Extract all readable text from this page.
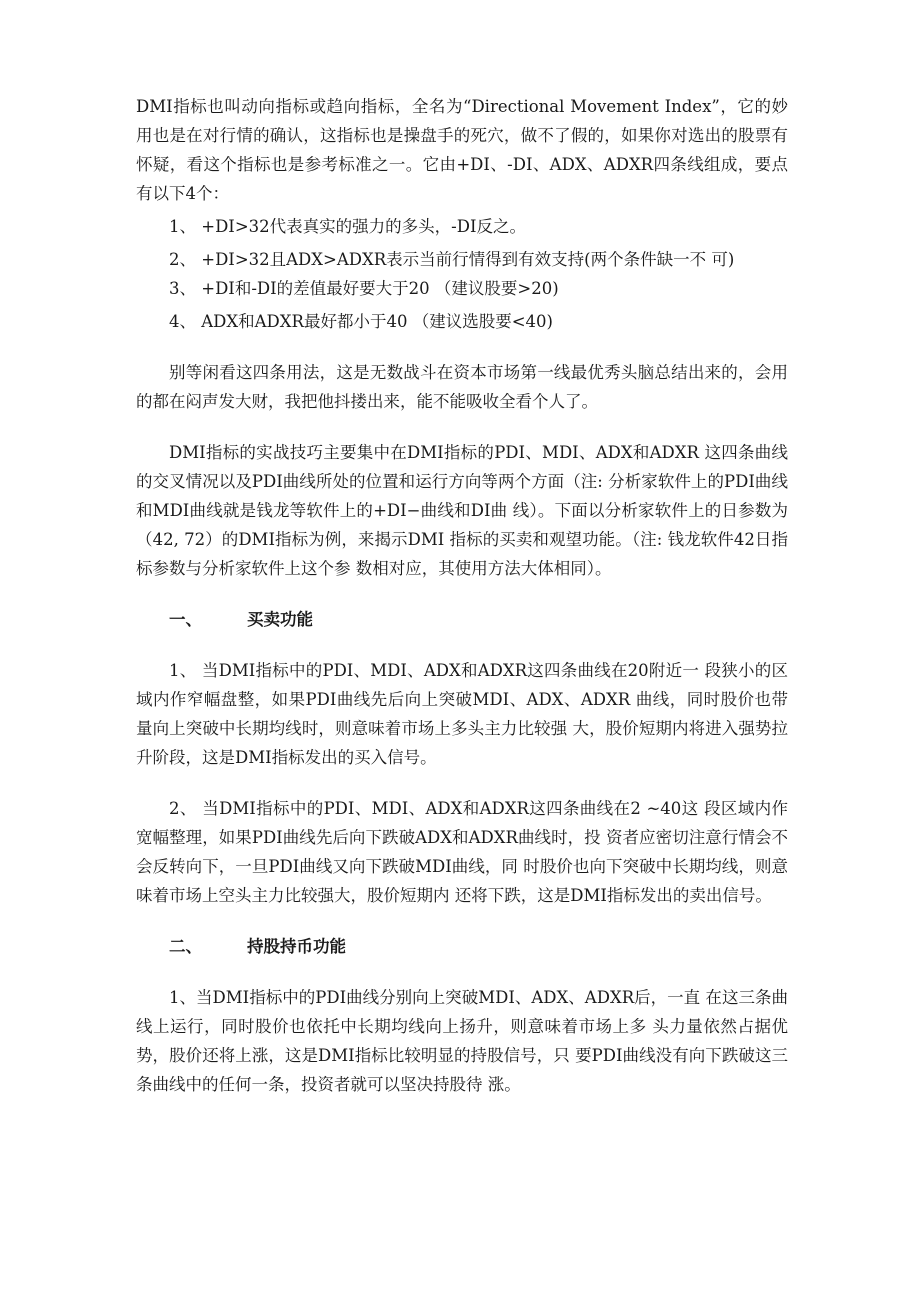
DMI指标也叫动向指标或趋向指标，全名为“Directional Movement Index”，它的妙用也是在对行情的确认，这指标也是操盘手的死穴，做不了假的，如果你对选出的股票有怀疑，看这个指标也是参考标准之一。它由+DI、-DI、ADX、ADXR四条线组成，要点有以下4个：

1、 +DI>32代表真实的强力的多头，-DI反之。

2、 +DI>32且ADX>ADXR表示当前行情得到有效支持(两个条件缺一不 可)

3、 +DI和-DI的差值最好要大于20 （建议股要>20)

4、 ADX和ADXR最好都小于40 （建议选股要<40)

别等闲看这四条用法，这是无数战斗在资本市场第一线最优秀头脑总结出来的，会用的都在闷声发大财，我把他抖搂出来，能不能吸收全看个人了。

DMI指标的实战技巧主要集中在DMI指标的PDI、MDI、ADX和ADXR 这四条曲线的交叉情况以及PDI曲线所处的位置和运行方向等两个方面（注: 分析家软件上的PDI曲线和MDI曲线就是钱龙等软件上的+DI−曲线和DI曲 线）。下面以分析家软件上的日参数为（42, 72）的DMI指标为例，来揭示DMI 指标的买卖和观望功能。（注: 钱龙软件42日指标参数与分析家软件上这个参 数相对应，其使用方法大体相同）。

一、	买卖功能

1、 当DMI指标中的PDI、MDI、ADX和ADXR这四条曲线在20附近一 段狭小的区域内作窄幅盘整，如果PDI曲线先后向上突破MDI、ADX、ADXR 曲线，同时股价也带量向上突破中长期均线时，则意味着市场上多头主力比较强 大，股价短期内将进入强势拉升阶段，这是DMI指标发出的买入信号。

2、 当DMI指标中的PDI、MDI、ADX和ADXR这四条曲线在2 ~40这 段区域内作宽幅整理，如果PDI曲线先后向下跌破ADX和ADXR曲线时，投 资者应密切注意行情会不会反转向下，一旦PDI曲线又向下跌破MDI曲线，同 时股价也向下突破中长期均线，则意味着市场上空头主力比较强大，股价短期内 还将下跌，这是DMI指标发出的卖出信号。

二、	持股持币功能

1、当DMI指标中的PDI曲线分别向上突破MDI、ADX、ADXR后，一直 在这三条曲线上运行，同时股价也依托中长期均线向上扬升，则意味着市场上多 头力量依然占据优势，股价还将上涨，这是DMI指标比较明显的持股信号，只 要PDI曲线没有向下跌破这三条曲线中的任何一条，投资者就可以坚决持股待 涨。
